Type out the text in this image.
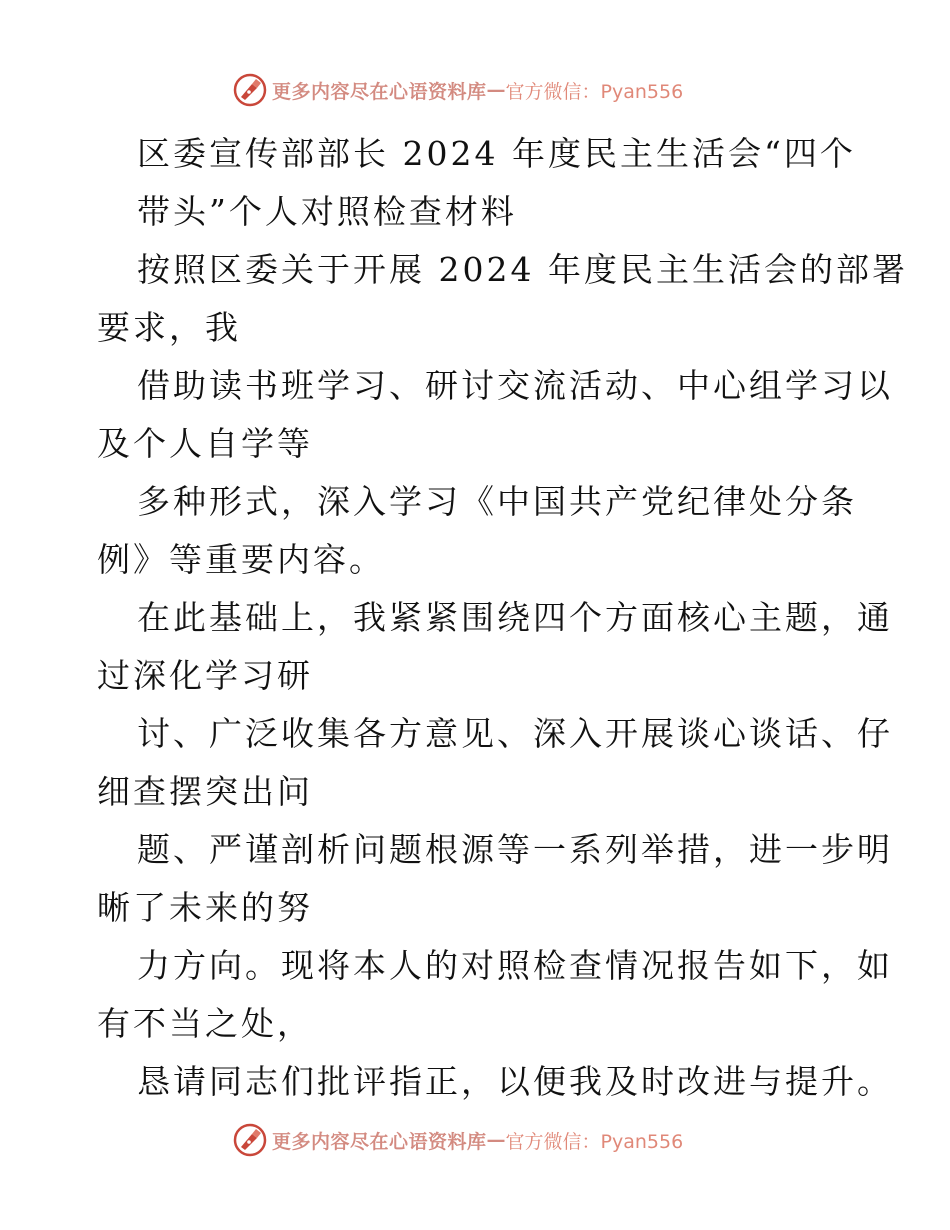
更多内容尽在心语资料库 — 官方微信：Pyan556
区委宣传部部长 2024 年度民主生活会“四个
带头”个人对照检查材料
按照区委关于开展 2024 年度民主生活会的部署
要求，我
借助读书班学习、研讨交流活动、中心组学习以
及个人自学等
多种形式，深入学习《中国共产党纪律处分条
例》等重要内容。
在此基础上，我紧紧围绕四个方面核心主题，通
过深化学习研
讨、广泛收集各方意见、深入开展谈心谈话、仔
细查摆突出问
题、严谨剖析问题根源等一系列举措，进一步明
晰了未来的努
力方向。现将本人的对照检查情况报告如下，如
有不当之处，
恳请同志们批评指正，以便我及时改进与提升。
更多内容尽在心语资料库 — 官方微信：Pyan556
